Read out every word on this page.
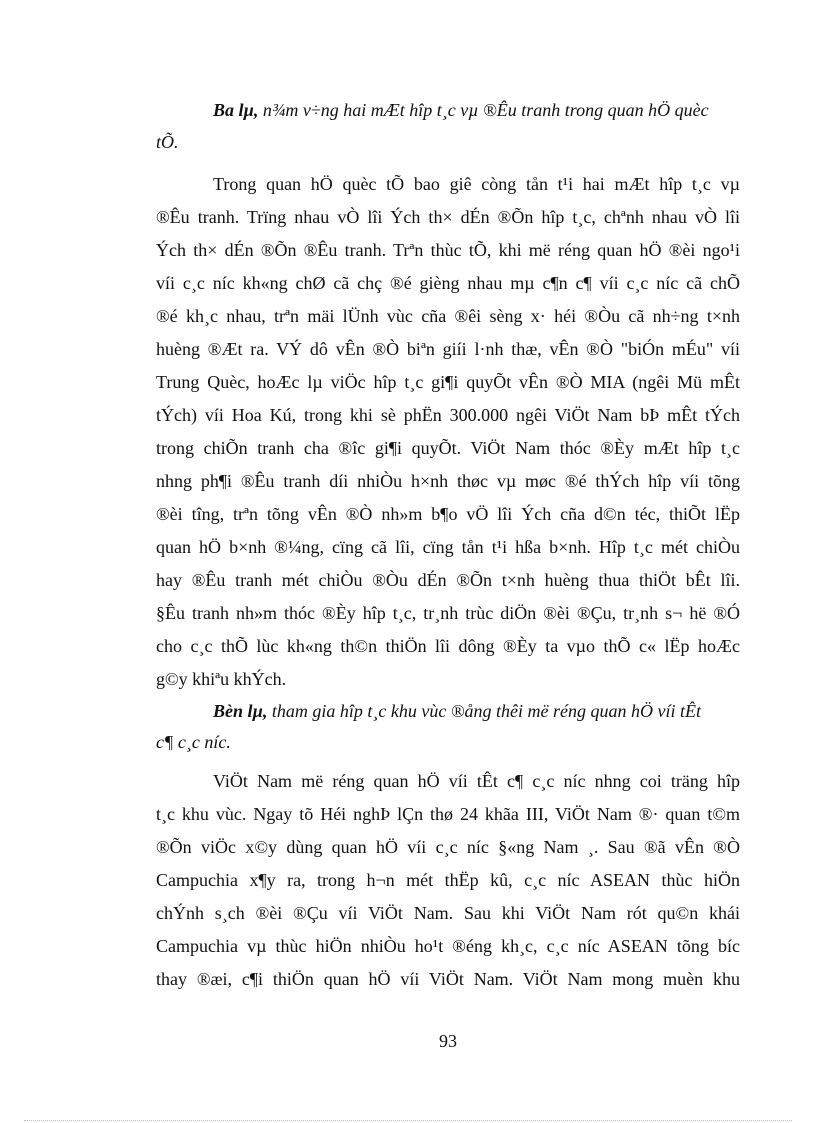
Ba lµ, n¾m v÷ng hai mÆt hîp t¸c vµ ®Êu tranh trong quan hÖ quèc
tÕ.
Trong quan hÖ quèc tÕ bao giê còng tån t¹i hai mÆt hîp t¸c vµ
®Êu tranh. Trïng nhau vÒ lîi Ých th× dÉn ®Õn hîp t¸c, chªnh nhau vÒ lîi
Ých th× dÉn ®Õn ®Êu tranh. Trªn thùc tÕ, khi më réng quan hÖ ®èi ngo¹i
víi c¸c níc kh«ng chØ cã chç ®é gièng nhau mµ c¶n c¶ víi c¸c níc cã chÕ
®é kh¸c nhau, trªn mäi lÜnh vùc cña ®êi sèng x· héi ®Òu cã nh÷ng t×nh
huèng ®Æt ra. VÝ dô vÊn ®Ò biªn giíi l·nh thæ, vÊn ®Ò "biÓn mÉu" víi
Trung Quèc, hoÆc lµ viÖc hîp t¸c gi¶i quyÕt vÊn ®Ò MIA (ngêi Mü mÊt
tÝch) víi Hoa Kú, trong khi sè phËn 300.000 ngêi ViÖt Nam bÞ mÊt tÝch
trong chiÕn tranh cha ®îc gi¶i quyÕt. ViÖt Nam thóc ®Èy mÆt hîp t¸c
nhng ph¶i ®Êu tranh díi nhiÒu h×nh thøc vµ møc ®é thÝch hîp víi tõng
®èi tîng, trªn tõng vÊn ®Ò nh»m b¶o vÖ lîi Ých cña d©n téc, thiÕt lËp
quan hÖ b×nh ®¼ng, cïng cã lîi, cïng tån t¹i hßa b×nh. Hîp t¸c mét chiÒu
hay ®Êu tranh mét chiÒu ®Òu dÉn ®Õn t×nh huèng thua thiÖt bÊt lîi.
§Êu tranh nh»m thóc ®Èy hîp t¸c, tr¸nh trùc diÖn ®èi ®Çu, tr¸nh s¬ hë ®Ó
cho c¸c thÕ lùc kh«ng th©n thiÖn lîi dông ®Èy ta vµo thÕ c« lËp hoÆc
g©y khiªu khÝch.
Bèn lµ, tham gia hîp t¸c khu vùc ®ång thêi më réng quan hÖ víi tÊt
c¶ c¸c níc.
ViÖt Nam më réng quan hÖ víi tÊt c¶ c¸c níc nhng coi träng hîp
t¸c khu vùc. Ngay tõ Héi nghÞ lÇn thø 24 khãa III, ViÖt Nam ®· quan t©m
®Õn viÖc x©y dùng quan hÖ víi c¸c níc §«ng Nam ¸. Sau ®ã vÊn ®Ò
Campuchia x¶y ra, trong h¬n mét thËp kû, c¸c níc ASEAN thùc hiÖn
chÝnh s¸ch ®èi ®Çu víi ViÖt Nam. Sau khi ViÖt Nam rót qu©n khái
Campuchia vµ thùc hiÖn nhiÒu ho¹t ®éng kh¸c, c¸c níc ASEAN tõng bíc
thay ®æi, c¶i thiÖn quan hÖ víi ViÖt Nam. ViÖt Nam mong muèn khu
93
